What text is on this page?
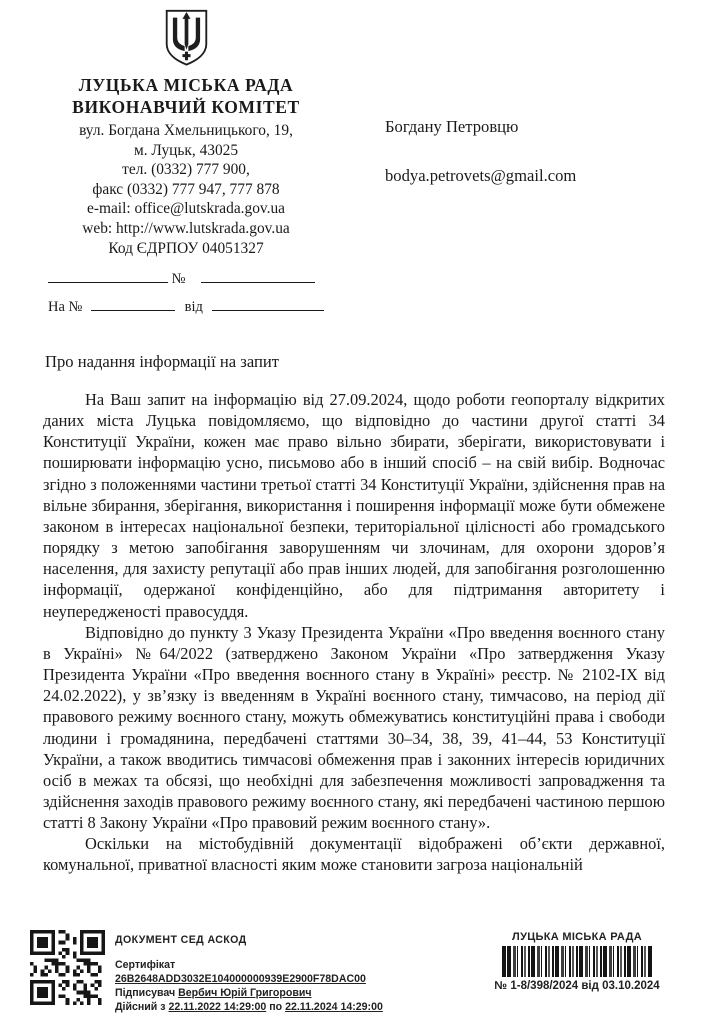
ЛУЦЬКА МІСЬКА РАДА
ВИКОНАВЧИЙ КОМІТЕТ
вул. Богдана Хмельницького, 19,
м. Луцьк, 43025
тел. (0332) 777 900,
факс (0332) 777 947, 777 878
e-mail: office@lutskrada.gov.ua
web: http://www.lutskrada.gov.ua
Код ЄДРПОУ 04051327
Богдану Петровцю
bodya.petrovets@gmail.com
№
На №	від
Про надання інформації на запит

На Ваш запит на інформацію від 27.09.2024, щодо роботи геопорталу відкритих даних міста Луцька повідомляємо, що відповідно до частини другої статті 34 Конституції України, кожен має право вільно збирати, зберігати, використовувати і поширювати інформацію усно, письмово або в інший спосіб – на свій вибір. Водночас згідно з положеннями частини третьої статті 34 Конституції України, здійснення прав на вільне збирання, зберігання, використання і поширення інформації може бути обмежене законом в інтересах національної безпеки, територіальної цілісності або громадського порядку з метою запобігання заворушенням чи злочинам, для охорони здоров’я населення, для захисту репутації або прав інших людей, для запобігання розголошенню інформації, одержаної конфіденційно, або для підтримання авторитету і неупередженості правосуддя.

Відповідно до пункту 3 Указу Президента України «Про введення воєнного стану в Україні» №64/2022 (затверджено Законом України «Про затвердження Указу Президента України «Про введення воєнного стану в Україні» реєстр. № 2102-IX від 24.02.2022), у зв’язку із введенням в Україні воєнного стану, тимчасово, на період дії правового режиму воєнного стану, можуть обмежуватись конституційні права і свободи людини і громадянина, передбачені статтями 30–34, 38, 39, 41–44, 53 Конституції України, а також вводитись тимчасові обмеження прав і законних інтересів юридичних осіб в межах та обсязі, що необхідні для забезпечення можливості запровадження та здійснення заходів правового режиму воєнного стану, які передбачені частиною першою статті 8 Закону України «Про правовий режим воєнного стану».

Оскільки на містобудівній документації відображені об’єкти державної, комунальної, приватної власності яким може становити загроза національній

ДОКУМЕНТ СЕД АСКОД
Сертифікат
26B2648ADD3032E104000000939E2900F78DAC00
Підписувач Вербич Юрій Григорович
Дійсний з 22.11.2022 14:29:00 по 22.11.2024 14:29:00
ЛУЦЬКА МІСЬКА РАДА
№ 1-8/398/2024 від 03.10.2024
